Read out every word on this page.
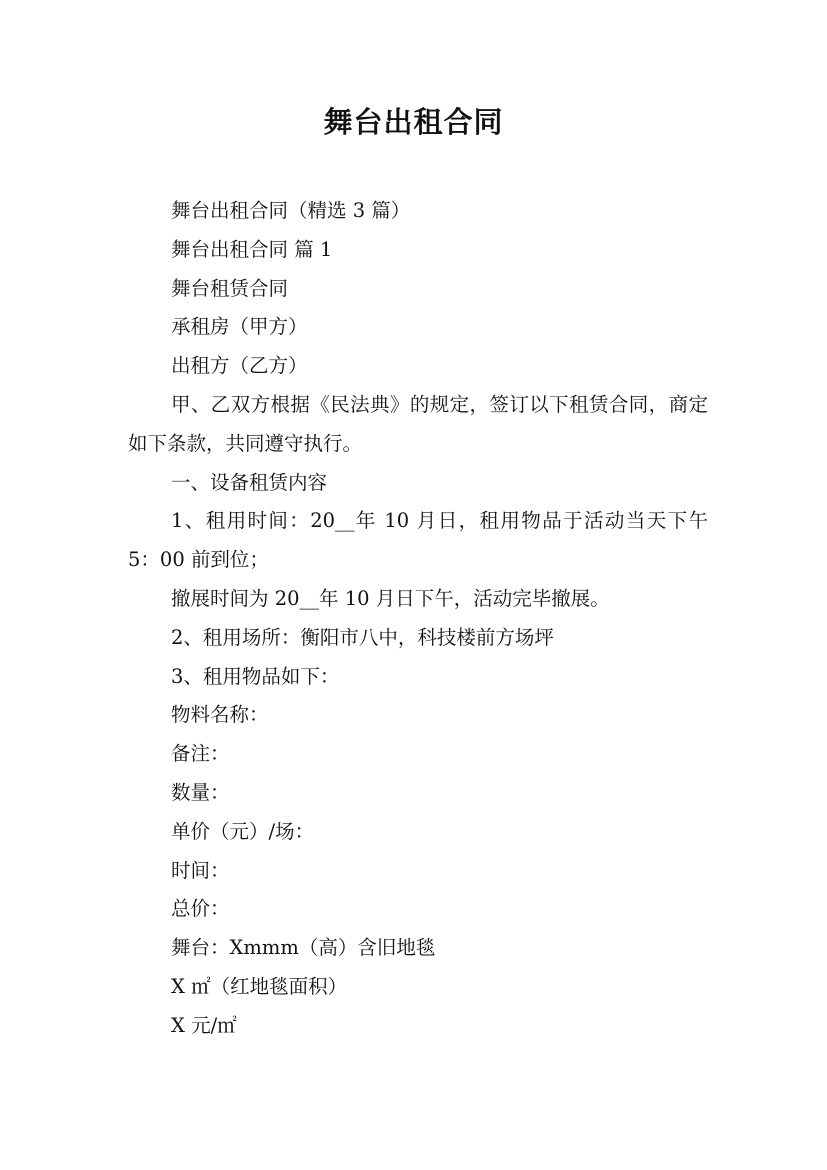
舞台出租合同

舞台出租合同（精选 3 篇）

舞台出租合同 篇 1

舞台租赁合同

承租房（甲方）

出租方（乙方）

甲、乙双方根据《民法典》的规定，签订以下租赁合同，商定如下条款，共同遵守执行。

一、设备租赁内容

1、租用时间：20__年 10 月日，租用物品于活动当天下午 5：00 前到位；

撤展时间为 20__年 10 月日下午，活动完毕撤展。

2、租用场所：衡阳市八中，科技楼前方场坪

3、租用物品如下：

物料名称：

备注：

数量：

单价（元）/场：

时间：

总价：

舞台：Xmmm（高）含旧地毯

X ㎡（红地毯面积）

X 元/㎡
